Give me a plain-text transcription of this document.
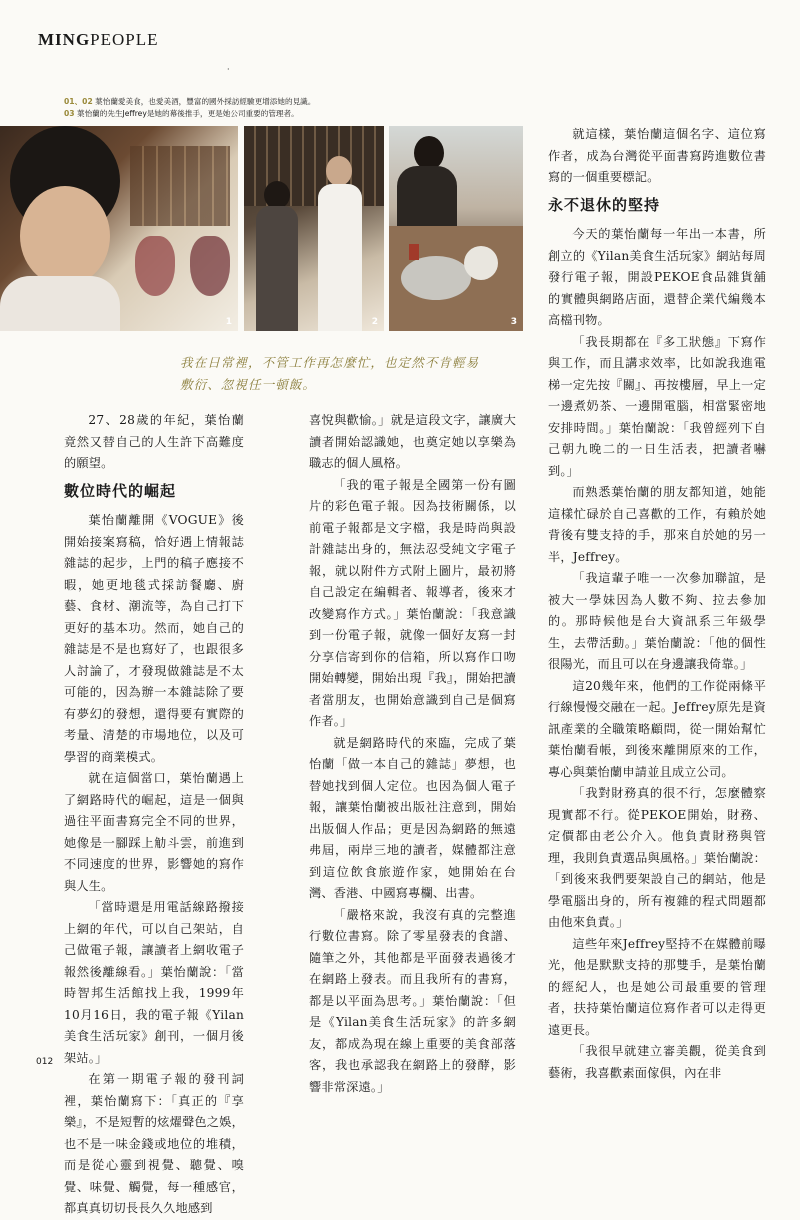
MINGPEOPLE
·
01、02 葉怡蘭愛美食，也愛美酒，豐富的國外採訪經驗更增添她的見識。
03 葉怡蘭的先生Jeffrey是她的幕後推手，更是她公司重要的管理者。
1	2	3
我在日常裡，不管工作再怎麼忙，也定然不肯輕易敷衍、忽視任一頓飯。

27、28歲的年紀，葉怡蘭竟然又替自己的人生許下高難度的願望。

數位時代的崛起

葉怡蘭離開《VOGUE》後開始接案寫稿，恰好遇上情報誌雜誌的起步，上門的稿子應接不暇，她更地毯式採訪餐廳、廚藝、食材、潮流等，為自己打下更好的基本功。然而，她自己的雜誌是不是也寫好了，也跟很多人討論了，才發現做雜誌是不太可能的，因為辦一本雜誌除了要有夢幻的發想，還得要有實際的考量、清楚的市場地位，以及可學習的商業模式。

就在這個當口，葉怡蘭遇上了網路時代的崛起，這是一個與過往平面書寫完全不同的世界，她像是一腳踩上觔斗雲，前進到不同速度的世界，影響她的寫作與人生。

「當時還是用電話線路撥接上網的年代，可以自己架站，自己做電子報，讓讀者上網收電子報然後離線看。」葉怡蘭說：「當時智邦生活館找上我，1999年10月16日，我的電子報《Yilan美食生活玩家》創刊，一個月後架站。」

在第一期電子報的發刊詞裡，葉怡蘭寫下：「真正的『享樂』，不是短暫的炫燿聲色之娛，也不是一味金錢或地位的堆積，而是從心靈到視覺、聽覺、嗅覺、味覺、觸覺，每一種感官，都真真切切長長久久地感到

喜悅與歡愉。」就是這段文字，讓廣大讀者開始認識她，也奠定她以享樂為職志的個人風格。

「我的電子報是全國第一份有圖片的彩色電子報。因為技術關係，以前電子報都是文字檔，我是時尚與設計雜誌出身的，無法忍受純文字電子報，就以附件方式附上圖片，最初將自己設定在編輯者、報導者，後來才改變寫作方式。」葉怡蘭說：「我意識到一份電子報，就像一個好友寫一封分享信寄到你的信箱，所以寫作口吻開始轉變，開始出現『我』，開始把讀者當朋友，也開始意識到自己是個寫作者。」

就是網路時代的來臨，完成了葉怡蘭「做一本自己的雜誌」夢想，也替她找到個人定位。也因為個人電子報，讓葉怡蘭被出版社注意到，開始出版個人作品；更是因為網路的無遠弗屆，兩岸三地的讀者，媒體都注意到這位飲食旅遊作家，她開始在台灣、香港、中國寫專欄、出書。

「嚴格來說，我沒有真的完整進行數位書寫。除了零星發表的食譜、隨筆之外，其他都是平面發表過後才在網路上發表。而且我所有的書寫，都是以平面為思考。」葉怡蘭說：「但是《Yilan美食生活玩家》的許多網友，都成為現在線上重要的美食部落客，我也承認我在網路上的發酵，影響非常深遠。」

就這樣，葉怡蘭這個名字、這位寫作者，成為台灣從平面書寫跨進數位書寫的一個重要標記。

永不退休的堅持

今天的葉怡蘭每一年出一本書，所創立的《Yilan美食生活玩家》網站每周發行電子報，開設PEKOE食品雜貨舖的實體與網路店面，還替企業代編幾本高檔刊物。

「我長期都在『多工狀態』下寫作與工作，而且講求效率，比如說我進電梯一定先按『關』、再按樓層，早上一定一邊煮奶茶、一邊開電腦，相當緊密地安排時間。」葉怡蘭說：「我曾經列下自己朝九晚二的一日生活表，把讀者嚇到。」

而熟悉葉怡蘭的朋友都知道，她能這樣忙碌於自己喜歡的工作，有賴於她背後有雙支持的手，那來自於她的另一半，Jeffrey。

「我這輩子唯一一次參加聯誼，是被大一學妹因為人數不夠、拉去參加的。那時候他是台大資訊系三年級學生，去帶活動。」葉怡蘭說：「他的個性很陽光，而且可以在身邊讓我倚靠。」

這20幾年來，他們的工作從兩條平行線慢慢交融在一起。Jeffrey原先是資訊產業的全職策略顧問，從一開始幫忙葉怡蘭看帳，到後來離開原來的工作，專心與葉怡蘭申請並且成立公司。

「我對財務真的很不行，怎麼體察現實都不行。從PEKOE開始，財務、定價都由老公介入。他負責財務與管理，我則負責選品與風格。」葉怡蘭說：「到後來我們要架設自己的網站，他是學電腦出身的，所有複雜的程式問題都由他來負責。」

這些年來Jeffrey堅持不在媒體前曝光，他是默默支持的那雙手，是葉怡蘭的經紀人，也是她公司最重要的管理者，扶持葉怡蘭這位寫作者可以走得更遠更長。

「我很早就建立審美觀，從美食到藝術，我喜歡素面傢俱，內在非

012
